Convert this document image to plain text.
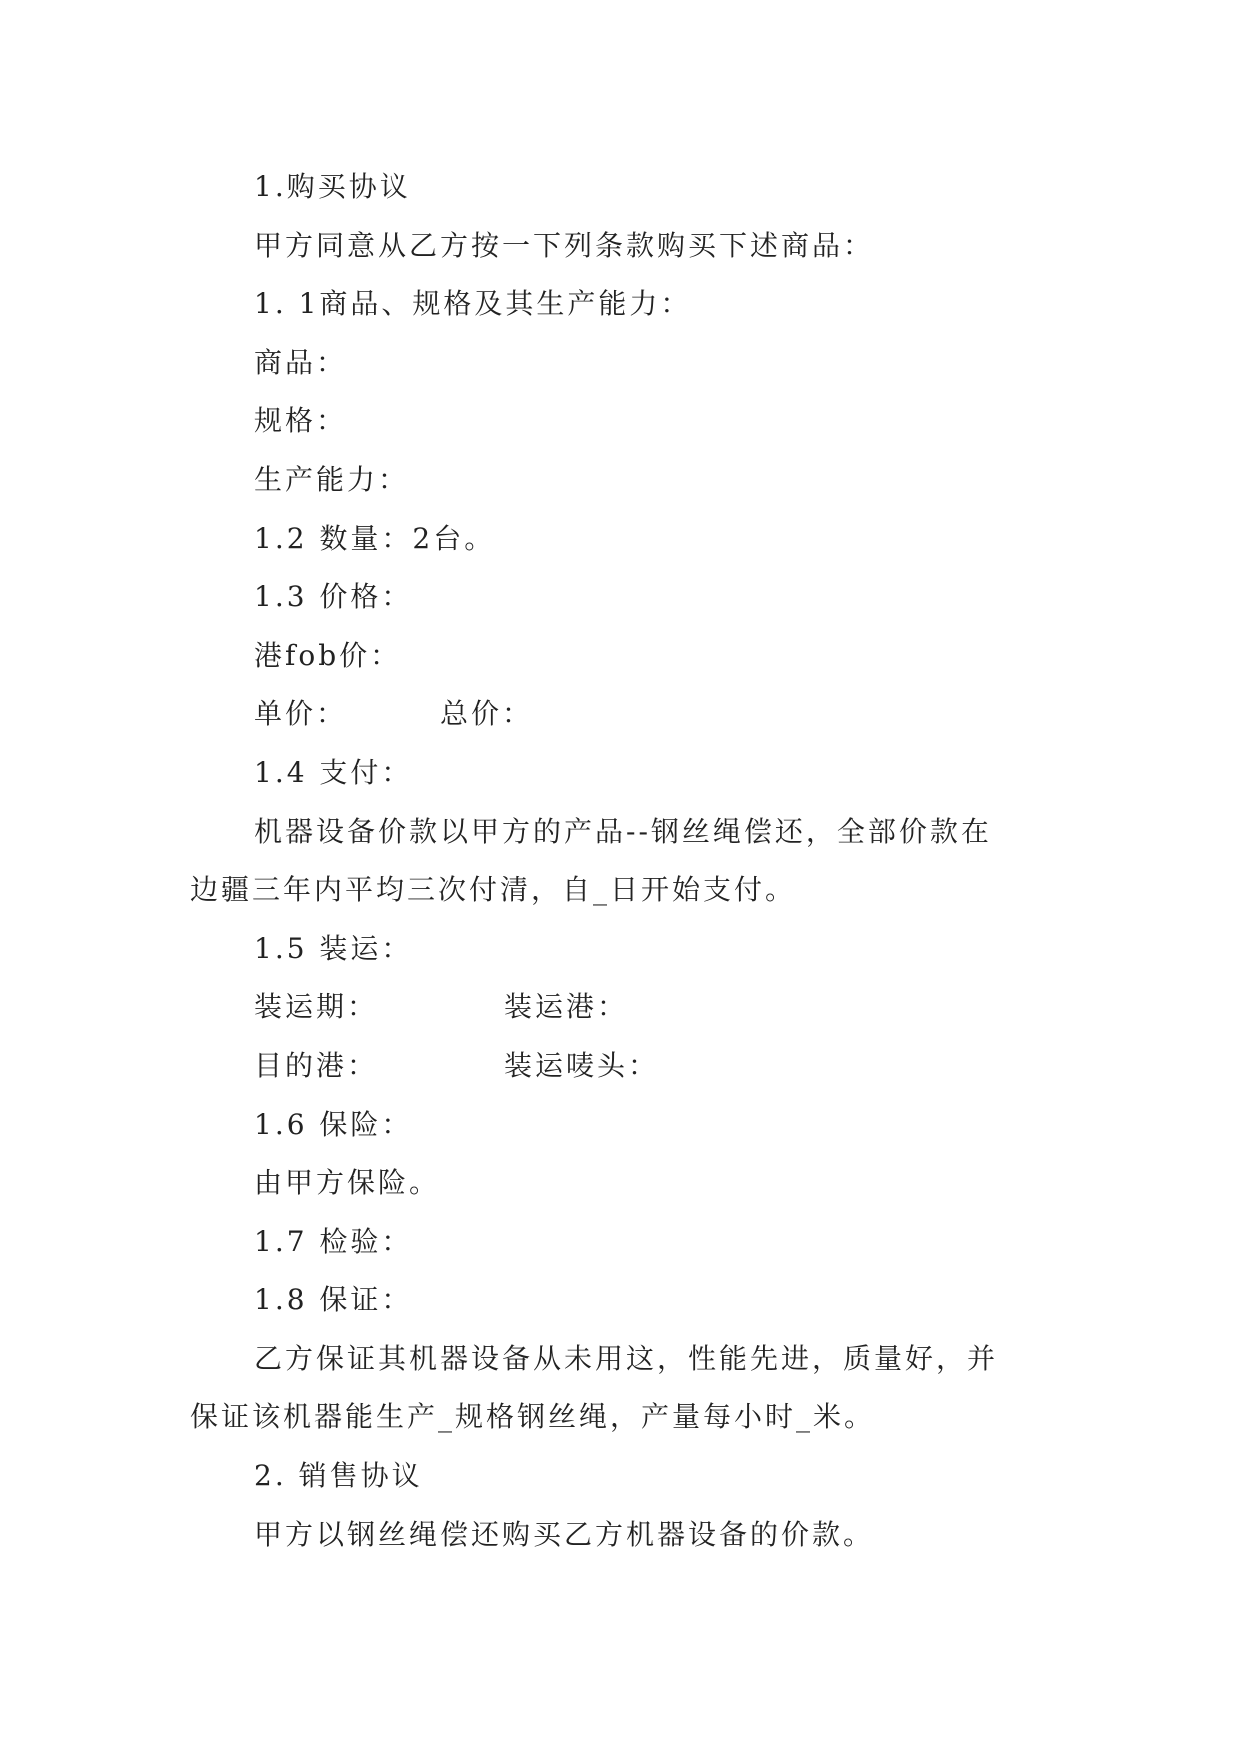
1.购买协议
甲方同意从乙方按一下列条款购买下述商品：
1. 1商品、规格及其生产能力：
商品：
规格：
生产能力：
1.2 数量：2台。
1.3 价格：
港fob价：
单价：	总价：
1.4 支付：
机器设备价款以甲方的产品--钢丝绳偿还，全部价款在
边疆三年内平均三次付清，自_日开始支付。
1.5 装运：
装运期：	装运港：
目的港：	装运唛头：
1.6 保险：
由甲方保险。
1.7 检验：
1.8 保证：
乙方保证其机器设备从未用这，性能先进，质量好，并
保证该机器能生产_规格钢丝绳，产量每小时_米。
2. 销售协议
甲方以钢丝绳偿还购买乙方机器设备的价款。
